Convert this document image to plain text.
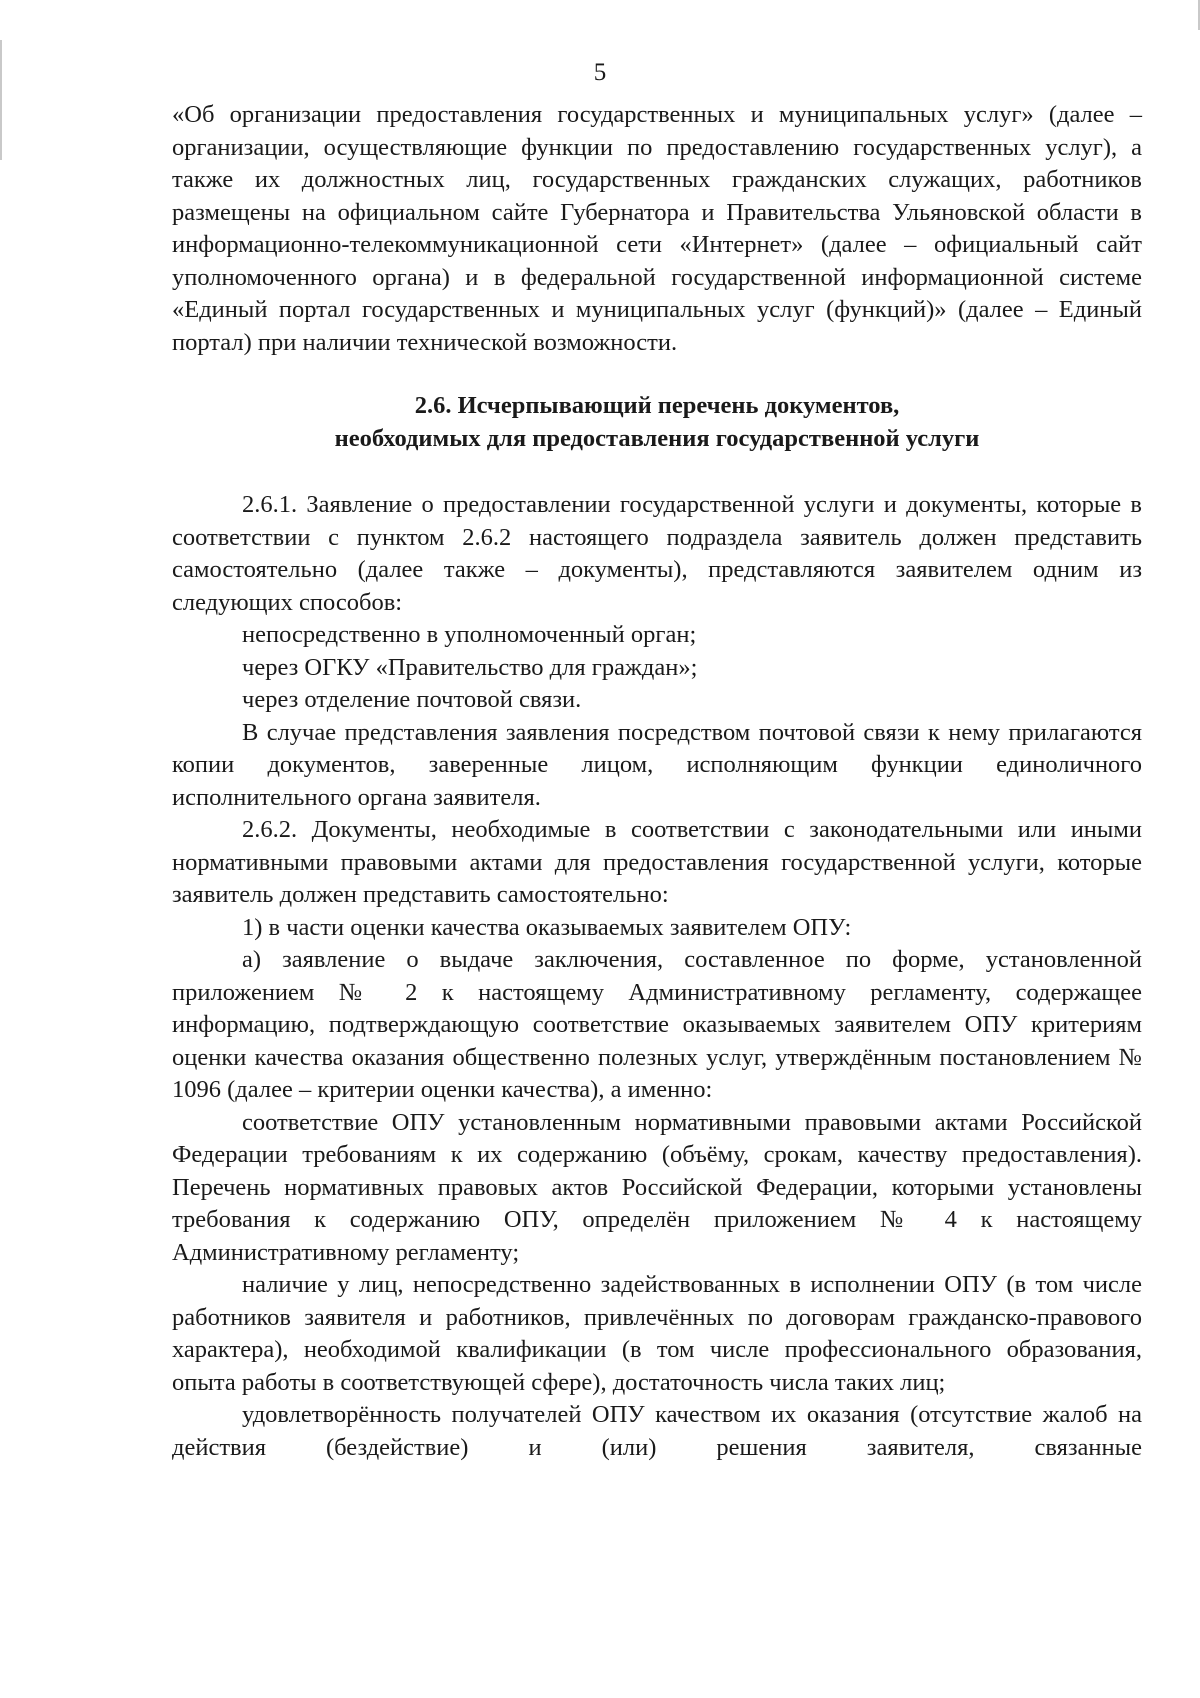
5

«Об организации предоставления государственных и муниципальных услуг» (далее – организации, осуществляющие функции по предоставлению государственных услуг), а также их должностных лиц, государственных гражданских служащих, работников размещены на официальном сайте Губернатора и Правительства Ульяновской области в информационно-телекоммуникационной сети «Интернет» (далее – официальный сайт уполномоченного органа) и в федеральной государственной информационной системе «Единый портал государственных и муниципальных услуг (функций)» (далее – Единый портал) при наличии технической возможности.

2.6. Исчерпывающий перечень документов,

необходимых для предоставления государственной услуги

2.6.1. Заявление о предоставлении государственной услуги и документы, которые в соответствии с пунктом 2.6.2 настоящего подраздела заявитель должен представить самостоятельно (далее также – документы), представляются заявителем одним из следующих способов:

непосредственно в уполномоченный орган;

через ОГКУ «Правительство для граждан»;

через отделение почтовой связи.

В случае представления заявления посредством почтовой связи к нему прилагаются копии документов, заверенные лицом, исполняющим функции единоличного исполнительного органа заявителя.

2.6.2. Документы, необходимые в соответствии с законодательными или иными нормативными правовыми актами для предоставления государственной услуги, которые заявитель должен представить самостоятельно:

1) в части оценки качества оказываемых заявителем ОПУ:

а) заявление о выдаче заключения, составленное по форме, установленной приложением № 2 к настоящему Административному регламенту, содержащее информацию, подтверждающую соответствие оказываемых заявителем ОПУ критериям оценки качества оказания общественно полезных услуг, утверждённым постановлением № 1096 (далее – критерии оценки качества), а именно:

соответствие ОПУ установленным нормативными правовыми актами Российской Федерации требованиям к их содержанию (объёму, срокам, качеству предоставления). Перечень нормативных правовых актов Российской Федерации, которыми установлены требования к содержанию ОПУ, определён приложением № 4 к настоящему Административному регламенту;

наличие у лиц, непосредственно задействованных в исполнении ОПУ (в том числе работников заявителя и работников, привлечённых по договорам гражданско-правового характера), необходимой квалификации (в том числе профессионального образования, опыта работы в соответствующей сфере), достаточность числа таких лиц;

удовлетворённость получателей ОПУ качеством их оказания (отсутствие жалоб на действия (бездействие) и (или) решения заявителя, связанные
